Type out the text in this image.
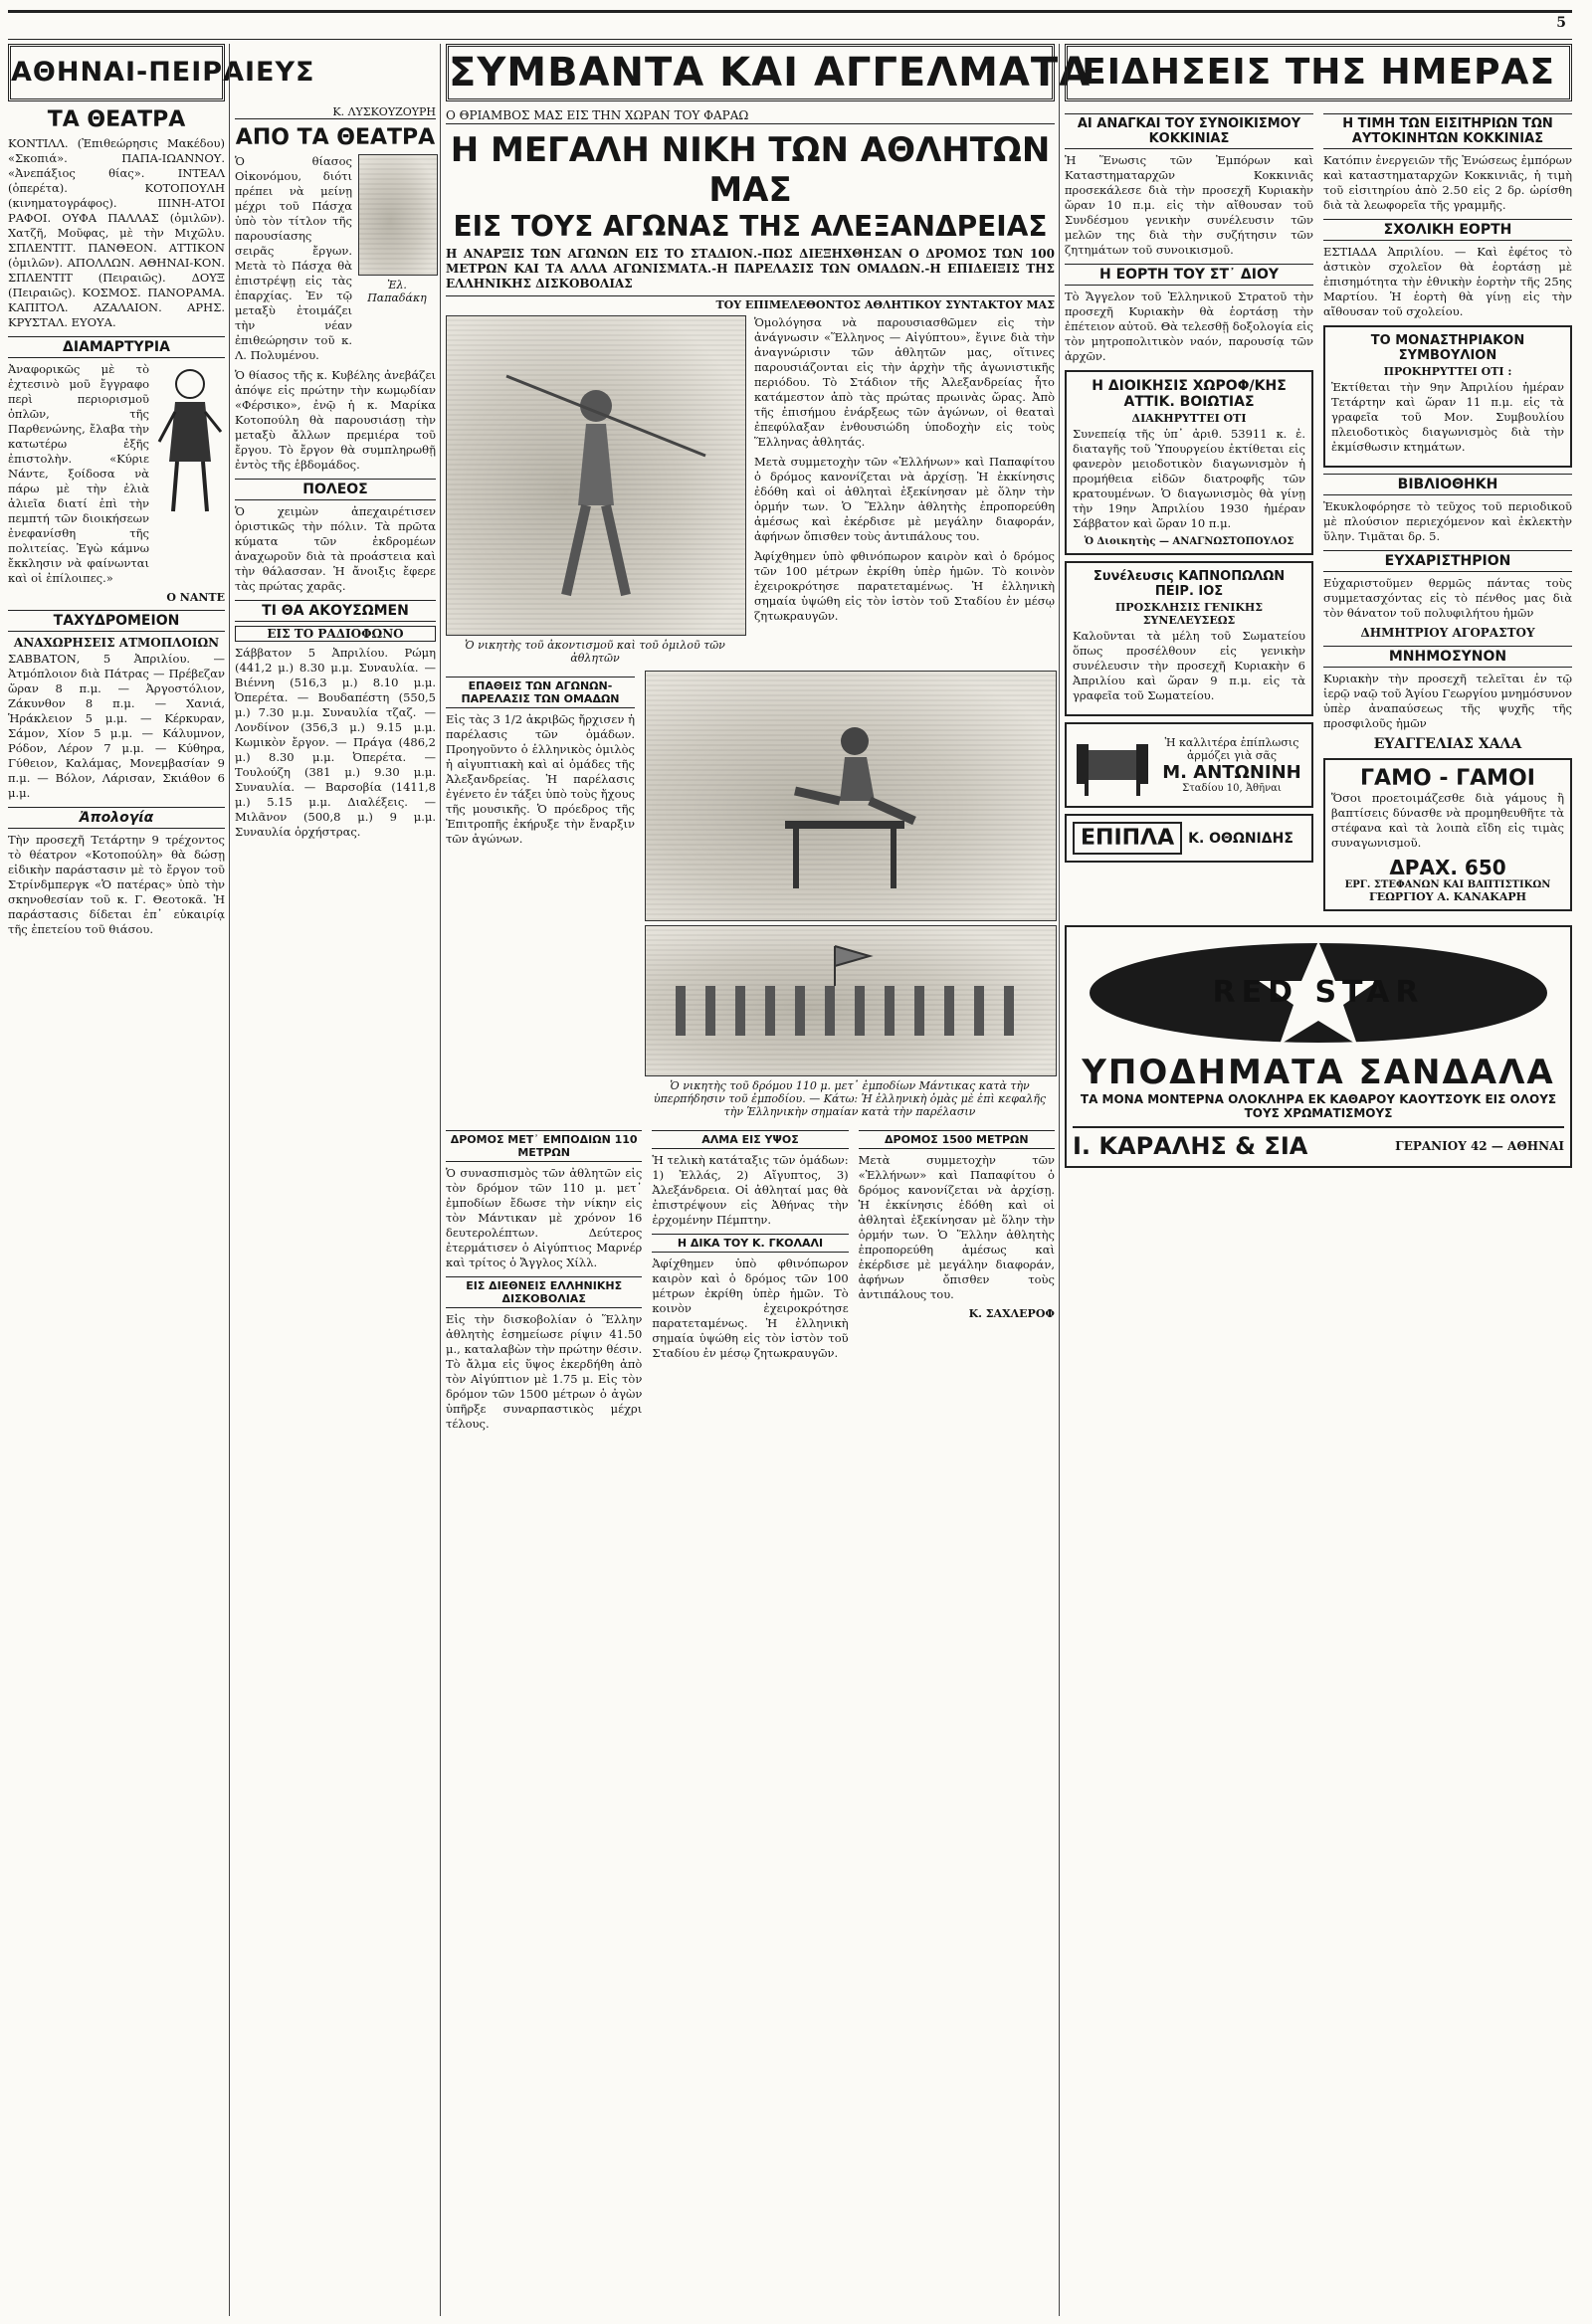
5
ΑΘΗΝΑΙ-ΠΕΙΡΑΙΕΥΣ
ΤΑ ΘΕΑΤΡΑ

ΚΟΝΤΙΛΛ. (Ἐπιθεώρησις Μακέδου) «Σκοπιά». ΠΑΠΑ-ΙΩΑΝΝΟΥ. «Ἀνεπάξιος θίας». ΙΝΤΕΑΛ (ὀπερέτα). ΚΟΤΟΠΟΥΛΗ (κινηματογράφος). ΙΙΙΝΗ-ΑΤΟΙ ΡΑΦΟΙ. ΟΥΦΑ ΠΑΛΛΑΣ (ὀμιλῶν). Χατζῆ, Μοῦφας, μὲ τὴν Μιχῶλυ. ΣΠΛΕΝΤΙΤ. ΠΑΝΘΕΟΝ. ΑΤΤΙΚΟΝ (ὀμιλῶν). ΑΠΟΛΛΩΝ. ΑΘΗΝΑΙ-ΚΟΝ. ΣΠΛΕΝΤΙΤ (Πειραιῶς). ΔΟΥΞ (Πειραιῶς). ΚΟΣΜΟΣ. ΠΑΝΟΡΑΜΑ. ΚΑΠΙΤΟΛ. ΑΖΑΛΑΙΟΝ. ΑΡΗΣ. ΚΡΥΣΤΑΛ. ΕΥΟΥΑ.

ΔΙΑΜΑΡΤΥΡΙΑ

Ἀναφορικῶς μὲ τὸ ἐχτεσινὸ μοῦ ἔγγραφο περὶ περιορισμοῦ ὀπλῶν, τῆς Παρθενώνης, ἔλαβα τὴν κατωτέρω ἐξῆς ἐπιστολὴν. «Κύριε Νάντε, ξοίδοσα νὰ πάρω μὲ τὴν ἐλιὰ ἀλιεῖα διατί ἐπὶ τὴν πεμπτή τῶν διοικήσεων ἐνεφανίσθη τῆς πολιτείας. Ἐγὼ κάμνω ἔκκλησιν νὰ φαίνωνται καὶ οἱ ἐπίλοιπες.»

Ο ΝΑΝΤΕ
ΤΑΧΥΔΡΟΜΕΙΟΝ
ΑΝΑΧΩΡΗΣΕΙΣ ΑΤΜΟΠΛΟΙΩΝ

ΣΑΒΒΑΤΟΝ, 5 Ἀπριλίου. — Ἀτμόπλοιον διὰ Πάτρας — Πρέβεζαν ὥραν 8 π.μ. — Ἀργοστόλιον, Ζάκυνθον 8 π.μ. — Χανιά, Ἡράκλειον 5 μ.μ. — Κέρκυραν, Σάμον, Χίον 5 μ.μ. — Κάλυμνον, Ρόδον, Λέρον 7 μ.μ. — Κύθηρα, Γύθειον, Καλάμας, Μονεμβασίαν 9 π.μ. — Βόλον, Λάρισαν, Σκιάθον 6 μ.μ.

Ἀπολογία

Τὴν προσεχῆ Τετάρτην 9 τρέχοντος τὸ θέατρον «Κοτοπούλη» θὰ δώσῃ εἰδικὴν παράστασιν μὲ τὸ ἔργον τοῦ Στρίνδμπεργκ «Ὁ πατέρας» ὑπὸ τὴν σκηνοθεσίαν τοῦ κ. Γ. Θεοτοκᾶ. Ἡ παράστασις δίδεται ἐπ᾽ εὐκαιρίᾳ τῆς ἐπετείου τοῦ θιάσου.

Κ. ΛΥΣΚΟΥΖΟΥΡΗ
ΑΠΟ ΤΑ ΘΕΑΤΡΑ

Ὁ θίασος Οἰκονόμου, διότι πρέπει νὰ μείνῃ μέχρι τοῦ Πάσχα ὑπὸ τὸν τίτλον τῆς παρουσίασης σειρᾶς ἔργων. Μετὰ τὸ Πάσχα θὰ ἐπιστρέψῃ εἰς τὰς ἐπαρχίας. Ἐν τῷ μεταξὺ ἐτοιμάζει τὴν νέαν ἐπιθεώρησιν τοῦ κ. Λ. Πολυμένου.

Ἐλ. Παπαδάκη

Ὁ θίασος τῆς κ. Κυβέλης ἀνεβάζει ἀπόψε εἰς πρώτην τὴν κωμῳδίαν «Φέρσικο», ἐνῷ ἡ κ. Μαρίκα Κοτοπούλη θὰ παρουσιάσῃ τὴν μεταξὺ ἄλλων πρεμιέρα τοῦ ἔργου. Τὸ ἔργον θὰ συμπληρωθῇ ἐντὸς τῆς ἑβδομάδος.

ΠΟΛΕΟΣ

Ὁ χειμὼν ἀπεχαιρέτισεν ὁριστικῶς τὴν πόλιν. Τὰ πρῶτα κύματα τῶν ἐκδρομέων ἀναχωροῦν διὰ τὰ προάστεια καὶ τὴν θάλασσαν. Ἡ ἄνοιξις ἔφερε τὰς πρώτας χαρᾶς.

ΤΙ ΘΑ ΑΚΟΥΣΩΜΕΝ
ΕΙΣ ΤΟ ΡΑΔΙΟΦΩΝΟ

Σάββατον 5 Ἀπριλίου. Ρώμη (441,2 μ.) 8.30 μ.μ. Συναυλία. — Βιέννη (516,3 μ.) 8.10 μ.μ. Ὀπερέτα. — Βουδαπέστη (550,5 μ.) 7.30 μ.μ. Συναυλία τζαζ. — Λονδίνον (356,3 μ.) 9.15 μ.μ. Κωμικὸν ἔργον. — Πράγα (486,2 μ.) 8.30 μ.μ. Ὀπερέτα. — Τουλούζη (381 μ.) 9.30 μ.μ. Συναυλία. — Βαρσοβία (1411,8 μ.) 5.15 μ.μ. Διαλέξεις. — Μιλᾶνον (500,8 μ.) 9 μ.μ. Συναυλία ὀρχήστρας.

ΣΥΜΒΑΝΤΑ ΚΑΙ ΑΓΓΕΛΜΑΤΑ
Ο ΘΡΙΑΜΒΟΣ ΜΑΣ ΕΙΣ ΤΗΝ ΧΩΡΑΝ ΤΟΥ ΦΑΡΑΩ
Η ΜΕΓΑΛΗ ΝΙΚΗ ΤΩΝ ΑΘΛΗΤΩΝ ΜΑΣ
ΕΙΣ ΤΟΥΣ ΑΓΩΝΑΣ ΤΗΣ ΑΛΕΞΑΝΔΡΕΙΑΣ
Η ΑΝΑΡΞΙΣ ΤΩΝ ΑΓΩΝΩΝ ΕΙΣ ΤΟ ΣΤΑΔΙΟΝ.-ΠΩΣ ΔΙΕΞΗΧΘΗΣΑΝ Ο ΔΡΟΜΟΣ ΤΩΝ 100 ΜΕΤΡΩΝ ΚΑΙ ΤΑ ΑΛΛΑ ΑΓΩΝΙΣΜΑΤΑ.-Η ΠΑΡΕΛΑΣΙΣ ΤΩΝ ΟΜΑΔΩΝ.-Η ΕΠΙΔΕΙΞΙΣ ΤΗΣ ΕΛΛΗΝΙΚΗΣ ΔΙΣΚΟΒΟΛΙΑΣ
ΤΟΥ ΕΠΙΜΕΛΕΘΟΝΤΟΣ ΑΘΛΗΤΙΚΟΥ ΣΥΝΤΑΚΤΟΥ ΜΑΣ
Ὁ νικητὴς τοῦ ἀκοντισμοῦ καὶ τοῦ ὁμιλοῦ τῶν ἀθλητῶν

Ὁμολόγησα νὰ παρουσιασθῶμεν εἰς τὴν ἀνάγνωσιν «Ἕλληνος — Αἰγύπτου», ἔγινε διὰ τὴν ἀναγνώρισιν τῶν ἀθλητῶν μας, οἵτινες παρουσιάζονται εἰς τὴν ἀρχὴν τῆς ἀγωνιστικῆς περιόδου. Τὸ Στάδιον τῆς Ἀλεξανδρείας ἦτο κατάμεστον ἀπὸ τὰς πρώτας πρωινὰς ὥρας. Ἀπὸ τῆς ἐπισήμου ἐνάρξεως τῶν ἀγώνων, οἱ θεαταὶ ἐπεφύλαξαν ἐνθουσιώδη ὑποδοχὴν εἰς τοὺς Ἕλληνας ἀθλητάς.

Μετὰ συμμετοχὴν τῶν «Ἑλλήνων» καὶ Παπαφίτου ὁ δρόμος κανονίζεται νὰ ἀρχίσῃ. Ἡ ἐκκίνησις ἐδόθη καὶ οἱ ἀθληταὶ ἐξεκίνησαν μὲ ὅλην τὴν ὁρμήν των. Ὁ Ἕλλην ἀθλητὴς ἐπροπορεύθη ἀμέσως καὶ ἐκέρδισε μὲ μεγάλην διαφοράν, ἀφήνων ὄπισθεν τοὺς ἀντιπάλους του.

Ἀφίχθημεν ὑπὸ φθινόπωρον καιρὸν καὶ ὁ δρόμος τῶν 100 μέτρων ἐκρίθη ὑπὲρ ἡμῶν. Τὸ κοινὸν ἐχειροκρότησε παρατεταμένως. Ἡ ἐλληνικὴ σημαία ὑψώθη εἰς τὸν ἱστὸν τοῦ Σταδίου ἐν μέσῳ ζητωκραυγῶν.

ΕΠΑΘΕΙΣ ΤΩΝ ΑΓΩΝΩΝ-ΠΑΡΕΛΑΣΙΣ ΤΩΝ ΟΜΑΔΩΝ

Εἰς τὰς 3 1/2 ἀκριβῶς ἤρχισεν ἡ παρέλασις τῶν ὁμάδων. Προηγοῦντο ὁ ἑλληνικὸς ὀμιλὸς ἡ αἰγυπτιακὴ καὶ αἱ ὁμάδες τῆς Ἀλεξανδρείας. Ἡ παρέλασις ἐγένετο ἐν τάξει ὑπὸ τοὺς ἤχους τῆς μουσικῆς. Ὁ πρόεδρος τῆς Ἐπιτροπῆς ἐκήρυξε τὴν ἔναρξιν τῶν ἀγώνων.

Ὁ νικητὴς τοῦ δρόμου 110 μ. μετ᾽ ἐμποδίων Μάντικας κατὰ τὴν ὑπερπήδησιν τοῦ ἐμποδίου. — Κάτω: Ἡ ἑλληνικὴ ὁμὰς μὲ ἐπὶ κεφαλῆς τὴν Ἑλληνικὴν σημαίαν κατὰ τὴν παρέλασιν
ΔΡΟΜΟΣ ΜΕΤ᾽ ΕΜΠΟΔΙΩΝ 110 ΜΕΤΡΩΝ

Ὁ συνασπισμὸς τῶν ἀθλητῶν εἰς τὸν δρόμον τῶν 110 μ. μετ᾽ ἐμποδίων ἔδωσε τὴν νίκην εἰς τὸν Μάντικαν μὲ χρόνον 16 δευτερολέπτων. Δεύτερος ἐτερμάτισεν ὁ Αἰγύπτιος Μαρνέρ καὶ τρίτος ὁ Ἄγγλος Χίλλ.

ΕΙΣ ΔΙΕΘΝΕΙΣ ΕΛΛΗΝΙΚΗΣ ΔΙΣΚΟΒΟΛΙΑΣ

Εἰς τὴν δισκοβολίαν ὁ Ἕλλην ἀθλητὴς ἐσημείωσε ρίψιν 41.50 μ., καταλαβὼν τὴν πρώτην θέσιν. Τὸ ἄλμα εἰς ὕψος ἐκερδήθη ἀπὸ τὸν Αἰγύπτιον μὲ 1.75 μ. Εἰς τὸν δρόμον τῶν 1500 μέτρων ὁ ἀγὼν ὑπῆρξε συναρπαστικὸς μέχρι τέλους.

ΑΛΜΑ ΕΙΣ ΥΨΟΣ

Ἡ τελικὴ κατάταξις τῶν ὁμάδων: 1) Ἑλλάς, 2) Αἴγυπτος, 3) Ἀλεξάνδρεια. Οἱ ἀθληταί μας θὰ ἐπιστρέψουν εἰς Ἀθήνας τὴν ἐρχομένην Πέμπτην.

Η ΔΙΚΑ ΤΟΥ Κ. ΓΚΟΛΑΛΙ

Ἀφίχθημεν ὑπὸ φθινόπωρον καιρὸν καὶ ὁ δρόμος τῶν 100 μέτρων ἐκρίθη ὑπὲρ ἡμῶν. Τὸ κοινὸν ἐχειροκρότησε παρατεταμένως. Ἡ ἐλληνικὴ σημαία ὑψώθη εἰς τὸν ἱστὸν τοῦ Σταδίου ἐν μέσῳ ζητωκραυγῶν.

ΔΡΟΜΟΣ 1500 ΜΕΤΡΩΝ

Μετὰ συμμετοχὴν τῶν «Ἑλλήνων» καὶ Παπαφίτου ὁ δρόμος κανονίζεται νὰ ἀρχίσῃ. Ἡ ἐκκίνησις ἐδόθη καὶ οἱ ἀθληταὶ ἐξεκίνησαν μὲ ὅλην τὴν ὁρμήν των. Ὁ Ἕλλην ἀθλητὴς ἐπροπορεύθη ἀμέσως καὶ ἐκέρδισε μὲ μεγάλην διαφοράν, ἀφήνων ὄπισθεν τοὺς ἀντιπάλους του.

Κ. ΣΑΧΛΕΡΟΦ
ΕΙΔΗΣΕΙΣ ΤΗΣ ΗΜΕΡΑΣ
ΑΙ ΑΝΑΓΚΑΙ ΤΟΥ ΣΥΝΟΙΚΙΣΜΟΥ ΚΟΚΚΙΝΙΑΣ

Ἡ Ἕνωσις τῶν Ἐμπόρων καὶ Καταστηματαρχῶν Κοκκινιᾶς προσεκάλεσε διὰ τὴν προσεχῆ Κυριακὴν ὥραν 10 π.μ. εἰς τὴν αἴθουσαν τοῦ Συνδέσμου γενικὴν συνέλευσιν τῶν μελῶν της διὰ τὴν συζήτησιν τῶν ζητημάτων τοῦ συνοικισμοῦ.

Η ΕΟΡΤΗ ΤΟΥ ΣΤ᾽ ΔΙΟΥ

Τὸ Ἄγγελον τοῦ Ἑλληνικοῦ Στρατοῦ τὴν προσεχῆ Κυριακὴν θὰ ἑορτάσῃ τὴν ἐπέτειον αὐτοῦ. Θὰ τελεσθῇ δοξολογία εἰς τὸν μητροπολιτικὸν ναόν, παρουσίᾳ τῶν ἀρχῶν.

Η ΔΙΟΙΚΗΣΙΣ ΧΩΡΟΦ/ΚΗΣ ΑΤΤΙΚ. ΒΟΙΩΤΙΑΣ
ΔΙΑΚΗΡΥΤΤΕΙ ΟΤΙ

Συνεπείᾳ τῆς ὑπ᾽ ἀριθ. 53911 κ. ἐ. διαταγῆς τοῦ Ὑπουργείου ἐκτίθεται εἰς φανερὸν μειοδοτικὸν διαγωνισμὸν ἡ προμήθεια εἰδῶν διατροφῆς τῶν κρατουμένων. Ὁ διαγωνισμὸς θὰ γίνῃ τὴν 19ην Ἀπριλίου 1930 ἡμέραν Σάββατον καὶ ὥραν 10 π.μ.

Ὁ Διοικητὴς — ΑΝΑΓΝΩΣΤΟΠΟΥΛΟΣ
Συνέλευσις ΚΑΠΝΟΠΩΛΩΝ ΠΕΙΡ. ΙΟΣ
ΠΡΟΣΚΛΗΣΙΣ ΓΕΝΙΚΗΣ ΣΥΝΕΛΕΥΣΕΩΣ

Καλοῦνται τὰ μέλη τοῦ Σωματείου ὅπως προσέλθουν εἰς γενικὴν συνέλευσιν τὴν προσεχῆ Κυριακὴν 6 Ἀπριλίου καὶ ὥραν 9 π.μ. εἰς τὰ γραφεῖα τοῦ Σωματείου.

Ἡ καλλιτέρα ἐπίπλωσις ἀρμόζει γιὰ σᾶς
Μ. ΑΝΤΩΝΙΝΗ
Σταδίου 10, Ἀθῆναι
ΕΠΙΠΛΑ	Κ. ΟΘΩΝΙΔΗΣ
Η ΤΙΜΗ ΤΩΝ ΕΙΣΙΤΗΡΙΩΝ ΤΩΝ ΑΥΤΟΚΙΝΗΤΩΝ ΚΟΚΚΙΝΙΑΣ

Κατόπιν ἐνεργειῶν τῆς Ἑνώσεως ἐμπόρων καὶ καταστηματαρχῶν Κοκκινιᾶς, ἡ τιμὴ τοῦ εἰσιτηρίου ἀπὸ 2.50 εἰς 2 δρ. ὡρίσθη διὰ τὰ λεωφορεῖα τῆς γραμμῆς.

ΣΧΟΛΙΚΗ ΕΟΡΤΗ

ΕΣΤΙΑΔΑ Ἀπριλίου. — Καὶ ἐφέτος τὸ ἀστικὸν σχολεῖον θὰ ἑορτάσῃ μὲ ἐπισημότητα τὴν ἐθνικὴν ἑορτὴν τῆς 25ης Μαρτίου. Ἡ ἑορτὴ θὰ γίνῃ εἰς τὴν αἴθουσαν τοῦ σχολείου.

ΤΟ ΜΟΝΑΣΤΗΡΙΑΚΟΝ ΣΥΜΒΟΥΛΙΟΝ
ΠΡΟΚΗΡΥΤΤΕΙ ΟΤΙ :

Ἐκτίθεται τὴν 9ην Ἀπριλίου ἡμέραν Τετάρτην καὶ ὥραν 11 π.μ. εἰς τὰ γραφεῖα τοῦ Μον. Συμβουλίου πλειοδοτικὸς διαγωνισμὸς διὰ τὴν ἐκμίσθωσιν κτημάτων.

ΒΙΒΛΙΟΘΗΚΗ

Ἐκυκλοφόρησε τὸ τεῦχος τοῦ περιοδικοῦ μὲ πλούσιον περιεχόμενον καὶ ἐκλεκτὴν ὕλην. Τιμᾶται δρ. 5.

ΕΥΧΑΡΙΣΤΗΡΙΟΝ

Εὐχαριστοῦμεν θερμῶς πάντας τοὺς συμμετασχόντας εἰς τὸ πένθος μας διὰ τὸν θάνατον τοῦ πολυφιλήτου ἡμῶν

ΔΗΜΗΤΡΙΟΥ ΑΓΟΡΑΣΤΟΥ
ΜΝΗΜΟΣΥΝΟΝ

Κυριακὴν τὴν προσεχῆ τελεῖται ἐν τῷ ἱερῷ ναῷ τοῦ Ἁγίου Γεωργίου μνημόσυνον ὑπὲρ ἀναπαύσεως τῆς ψυχῆς τῆς προσφιλοῦς ἡμῶν

ΕΥΑΓΓΕΛΙΑΣ ΧΑΛΑ
ΓΑΜΟ - ΓΑΜΟΙ

Ὅσοι προετοιμάζεσθε διὰ γάμους ἢ βαπτίσεις δύνασθε νὰ προμηθευθῆτε τὰ στέφανα καὶ τὰ λοιπὰ εἴδη εἰς τιμὰς συναγωνισμοῦ.

ΔΡΑΧ. 650
ΕΡΓ. ΣΤΕΦΑΝΩΝ ΚΑΙ ΒΑΠΤΙΣΤΙΚΩΝ
ΓΕΩΡΓΙΟΥ Α. ΚΑΝΑΚΑΡΗ
RED STAR
ΥΠΟΔΗΜΑΤΑ ΣΑΝΔΑΛΑ
ΤΑ ΜΟΝΑ ΜΟΝΤΕΡΝΑ ΟΛΟΚΛΗΡΑ ΕΚ ΚΑΘΑΡΟΥ ΚΑΟΥΤΣΟΥΚ ΕΙΣ ΟΛΟΥΣ ΤΟΥΣ ΧΡΩΜΑΤΙΣΜΟΥΣ
Ι. ΚΑΡΑΛΗΣ & ΣΙΑ	ΓΕΡΑΝΙΟΥ 42 — ΑΘΗΝΑΙ
